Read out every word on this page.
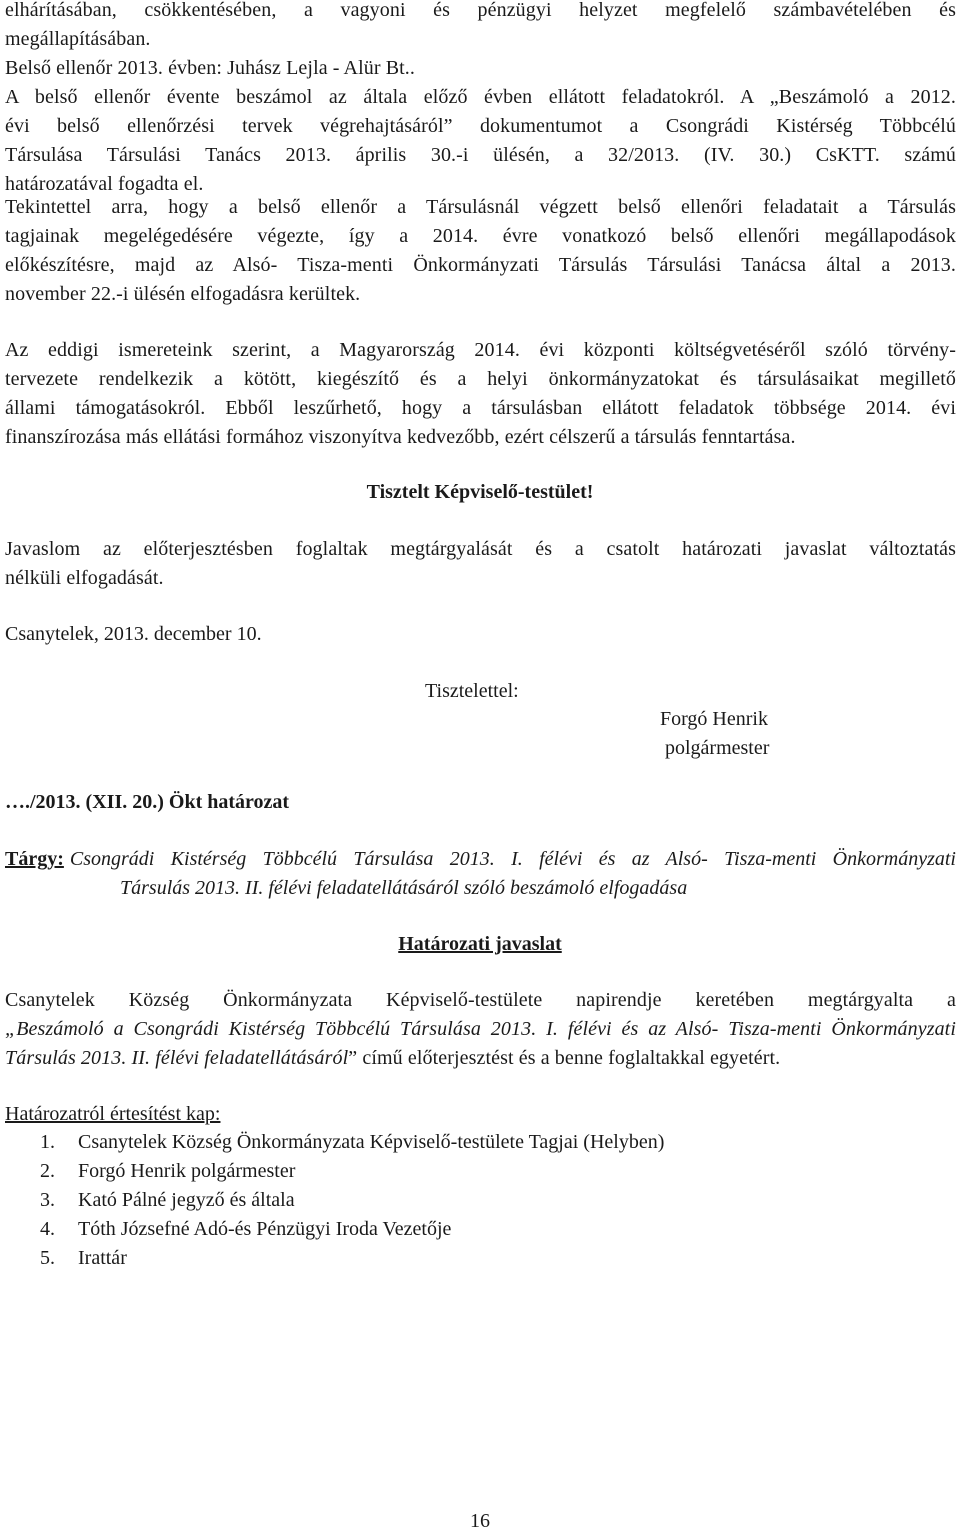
elhárításában, csökkentésében, a vagyoni és pénzügyi helyzet megfelelő számbavételében és
megállapításában.
Belső ellenőr 2013. évben: Juhász Lejla - Alür Bt..
A belső ellenőr évente beszámol az általa előző évben ellátott feladatokról. A „Beszámoló a 2012.
évi belső ellenőrzési tervek végrehajtásáról” dokumentumot a Csongrádi Kistérség Többcélú
Társulása Társulási Tanács 2013. április 30.-i ülésén, a 32/2013. (IV. 30.) CsKTT. számú
határozatával fogadta el.

Tekintettel arra, hogy a belső ellenőr a Társulásnál végzett belső ellenőri feladatait a Társulás
tagjainak megelégedésére végezte, így a 2014. évre vonatkozó belső ellenőri megállapodások
előkészítésre, majd az Alsó- Tisza-menti Önkormányzati Társulás Társulási Tanácsa által a 2013.
november 22.-i ülésén elfogadásra kerültek.

Az eddigi ismereteink szerint, a Magyarország 2014. évi központi költségvetéséről szóló törvény-
tervezete rendelkezik a kötött, kiegészítő és a helyi önkormányzatokat és társulásaikat megillető
állami támogatásokról. Ebből leszűrhető, hogy a társulásban ellátott feladatok többsége 2014. évi
finanszírozása más ellátási formához viszonyítva kedvezőbb, ezért célszerű a társulás fenntartása.

Tisztelt Képviselő-testület!

Javaslom az előterjesztésben foglaltak megtárgyalását és a csatolt határozati javaslat változtatás
nélküli elfogadását.

Csanytelek, 2013. december 10.

Tisztelettel:

Forgó Henrik

polgármester

…./2013. (XII. 20.) Ökt határozat

Tárgy: Csongrádi Kistérség Többcélú Társulása 2013. I. félévi és az Alsó- Tisza-menti Önkormányzati
Társulás 2013. II. félévi feladatellátásáról szóló beszámoló elfogadása

Határozati javaslat

Csanytelek Község Önkormányzata Képviselő-testülete napirendje keretében megtárgyalta a
„Beszámoló a Csongrádi Kistérség Többcélú Társulása 2013. I. félévi és az Alsó- Tisza-menti Önkormányzati
Társulás 2013. II. félévi feladatellátásáról” című előterjesztést és a benne foglaltakkal egyetért.

Határozatról értesítést kap:

1. Csanytelek Község Önkormányzata Képviselő-testülete Tagjai (Helyben)
2. Forgó Henrik polgármester
3. Kató Pálné jegyző és általa
4. Tóth Józsefné Adó-és Pénzügyi Iroda Vezetője
5. Irattár
16
